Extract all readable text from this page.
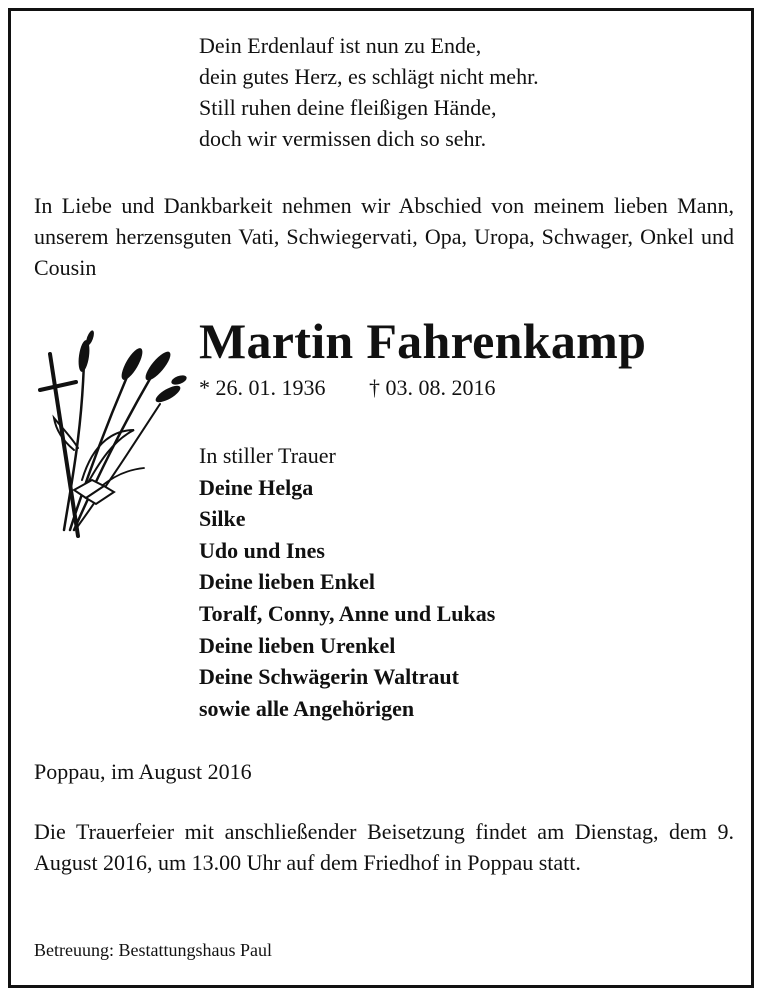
Dein Erdenlauf ist nun zu Ende,
dein gutes Herz, es schlägt nicht mehr.
Still ruhen deine fleißigen Hände,
doch wir vermissen dich so sehr.
In Liebe und Dankbarkeit nehmen wir Abschied von meinem lieben Mann, unserem herzensguten Vati, Schwiegervati, Opa, Uropa, Schwager, Onkel und Cousin
Martin Fahrenkamp
* 26. 01. 1936 † 03. 08. 2016
In stiller Trauer
Deine Helga
Silke
Udo und Ines
Deine lieben Enkel
Toralf, Conny, Anne und Lukas
Deine lieben Urenkel
Deine Schwägerin Waltraut
sowie alle Angehörigen
Poppau, im August 2016
Die Trauerfeier mit anschließender Beisetzung findet am Dienstag, dem 9. August 2016, um 13.00 Uhr auf dem Friedhof in Poppau statt.
Betreuung: Bestattungshaus Paul
